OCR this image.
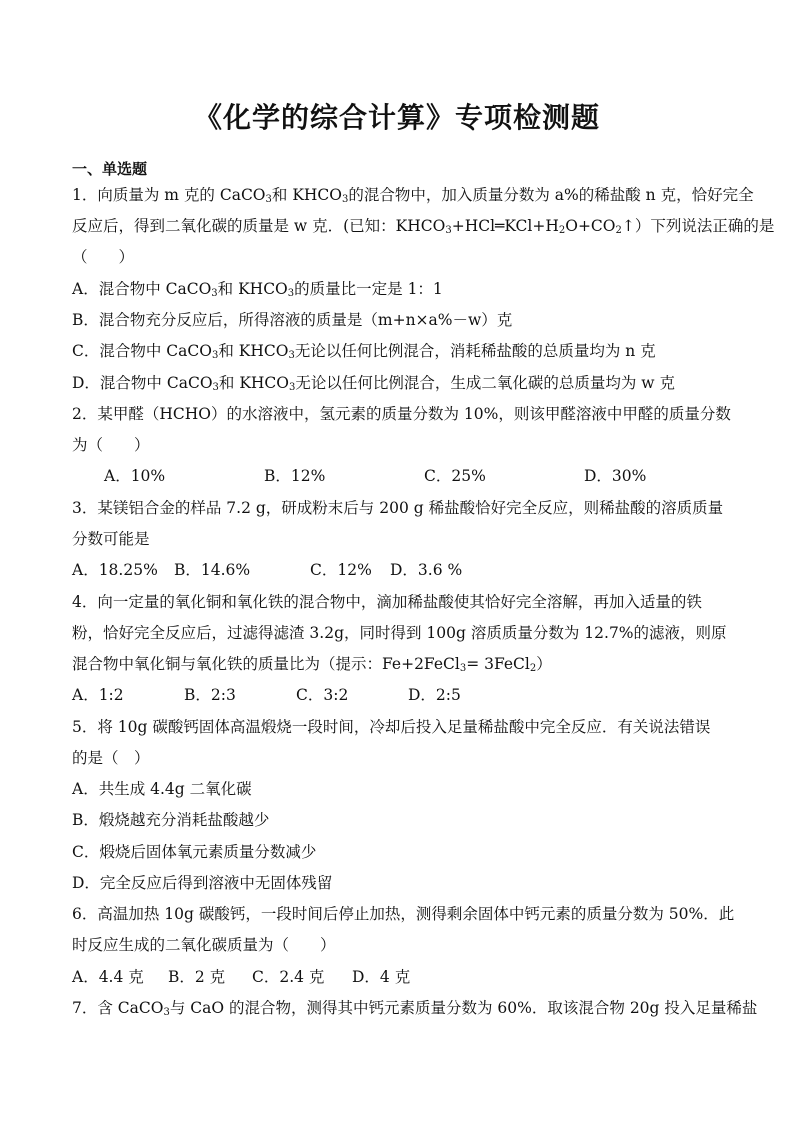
《化学的综合计算》专项检测题

一、单选题

1．向质量为 m 克的 CaCO$_3$和 $KHCO_3$的混合物中，加入质量分数为 a%的稀盐酸 n 克，恰好完全
反应后，得到二氧化碳的质量是 w 克．(已知：$KHCO_3+HCl═KCl+H_2O+CO_2↑$）下列说法正确的是
（　　）
A．混合物中 CaCO$_3$和 $KHCO_3$的质量比一定是 1：1
B．混合物充分反应后，所得溶液的质量是（m+n×a%－w）克
C．混合物中 CaCO$_3$和 $KHCO_3$无论以任何比例混合，消耗稀盐酸的总质量均为 n 克
D．混合物中 CaCO$_3$和 $KHCO_3$无论以任何比例混合，生成二氧化碳的总质量均为 w 克
2．某甲醛（HCHO）的水溶液中，氢元素的质量分数为 10%，则该甲醛溶液中甲醛的质量分数
为（　　）
A．10%	B．12%	C．25%	D．30%
3．某镁铝合金的样品 7.2 g，研成粉末后与 200 g 稀盐酸恰好完全反应，则稀盐酸的溶质质量
分数可能是
A．18.25% B．14.6%	C．12% D．3.6 %
4．向一定量的氧化铜和氧化铁的混合物中，滴加稀盐酸使其恰好完全溶解，再加入适量的铁
粉，恰好完全反应后，过滤得滤渣 3.2g，同时得到 100g 溶质质量分数为 12.7%的滤液，则原
混合物中氧化铜与氧化铁的质量比为（提示：Fe+2FeCl$_3$= 3FeCl$_2$）
A．1:2	B．2:3	C．3:2	D．2:5
5．将 10g 碳酸钙固体高温煅烧一段时间，冷却后投入足量稀盐酸中完全反应．有关说法错误
的是（　）
A．共生成 4.4g 二氧化碳
B．煅烧越充分消耗盐酸越少
C．煅烧后固体氧元素质量分数减少
D．完全反应后得到溶液中无固体残留
6．高温加热 10g 碳酸钙，一段时间后停止加热，测得剩余固体中钙元素的质量分数为 50%．此
时反应生成的二氧化碳质量为（　　）
A．4.4 克 B．2 克 C．2.4 克 D．4 克
7．含 CaCO$_3$与 CaO 的混合物，测得其中钙元素质量分数为 60%．取该混合物 20g 投入足量稀盐
